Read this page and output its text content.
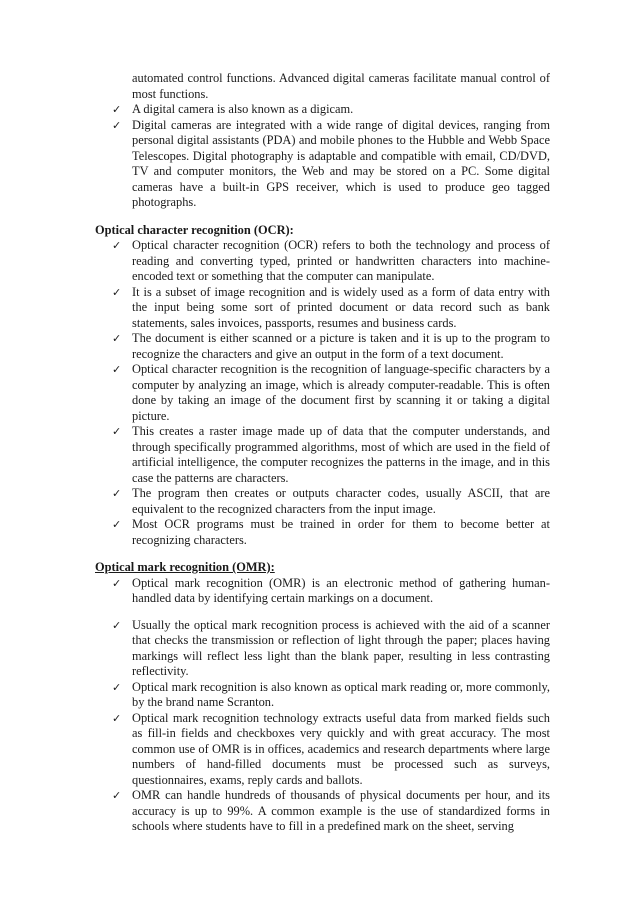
automated control functions. Advanced digital cameras facilitate manual control of most functions.
✓ A digital camera is also known as a digicam.
✓ Digital cameras are integrated with a wide range of digital devices, ranging from personal digital assistants (PDA) and mobile phones to the Hubble and Webb Space Telescopes. Digital photography is adaptable and compatible with email, CD/DVD, TV and computer monitors, the Web and may be stored on a PC. Some digital cameras have a built-in GPS receiver, which is used to produce geo tagged photographs.
Optical character recognition (OCR):
✓ Optical character recognition (OCR) refers to both the technology and process of reading and converting typed, printed or handwritten characters into machine-encoded text or something that the computer can manipulate.
✓ It is a subset of image recognition and is widely used as a form of data entry with the input being some sort of printed document or data record such as bank statements, sales invoices, passports, resumes and business cards.
✓ The document is either scanned or a picture is taken and it is up to the program to recognize the characters and give an output in the form of a text document.
✓ Optical character recognition is the recognition of language-specific characters by a computer by analyzing an image, which is already computer-readable. This is often done by taking an image of the document first by scanning it or taking a digital picture.
✓ This creates a raster image made up of data that the computer understands, and through specifically programmed algorithms, most of which are used in the field of artificial intelligence, the computer recognizes the patterns in the image, and in this case the patterns are characters.
✓ The program then creates or outputs character codes, usually ASCII, that are equivalent to the recognized characters from the input image.
✓ Most OCR programs must be trained in order for them to become better at recognizing characters.
Optical mark recognition (OMR):
✓ Optical mark recognition (OMR) is an electronic method of gathering human-handled data by identifying certain markings on a document.
✓ Usually the optical mark recognition process is achieved with the aid of a scanner that checks the transmission or reflection of light through the paper; places having markings will reflect less light than the blank paper, resulting in less contrasting reflectivity.
✓ Optical mark recognition is also known as optical mark reading or, more commonly, by the brand name Scranton.
✓ Optical mark recognition technology extracts useful data from marked fields such as fill-in fields and checkboxes very quickly and with great accuracy. The most common use of OMR is in offices, academics and research departments where large numbers of hand-filled documents must be processed such as surveys, questionnaires, exams, reply cards and ballots.
✓ OMR can handle hundreds of thousands of physical documents per hour, and its accuracy is up to 99%. A common example is the use of standardized forms in schools where students have to fill in a predefined mark on the sheet, serving
